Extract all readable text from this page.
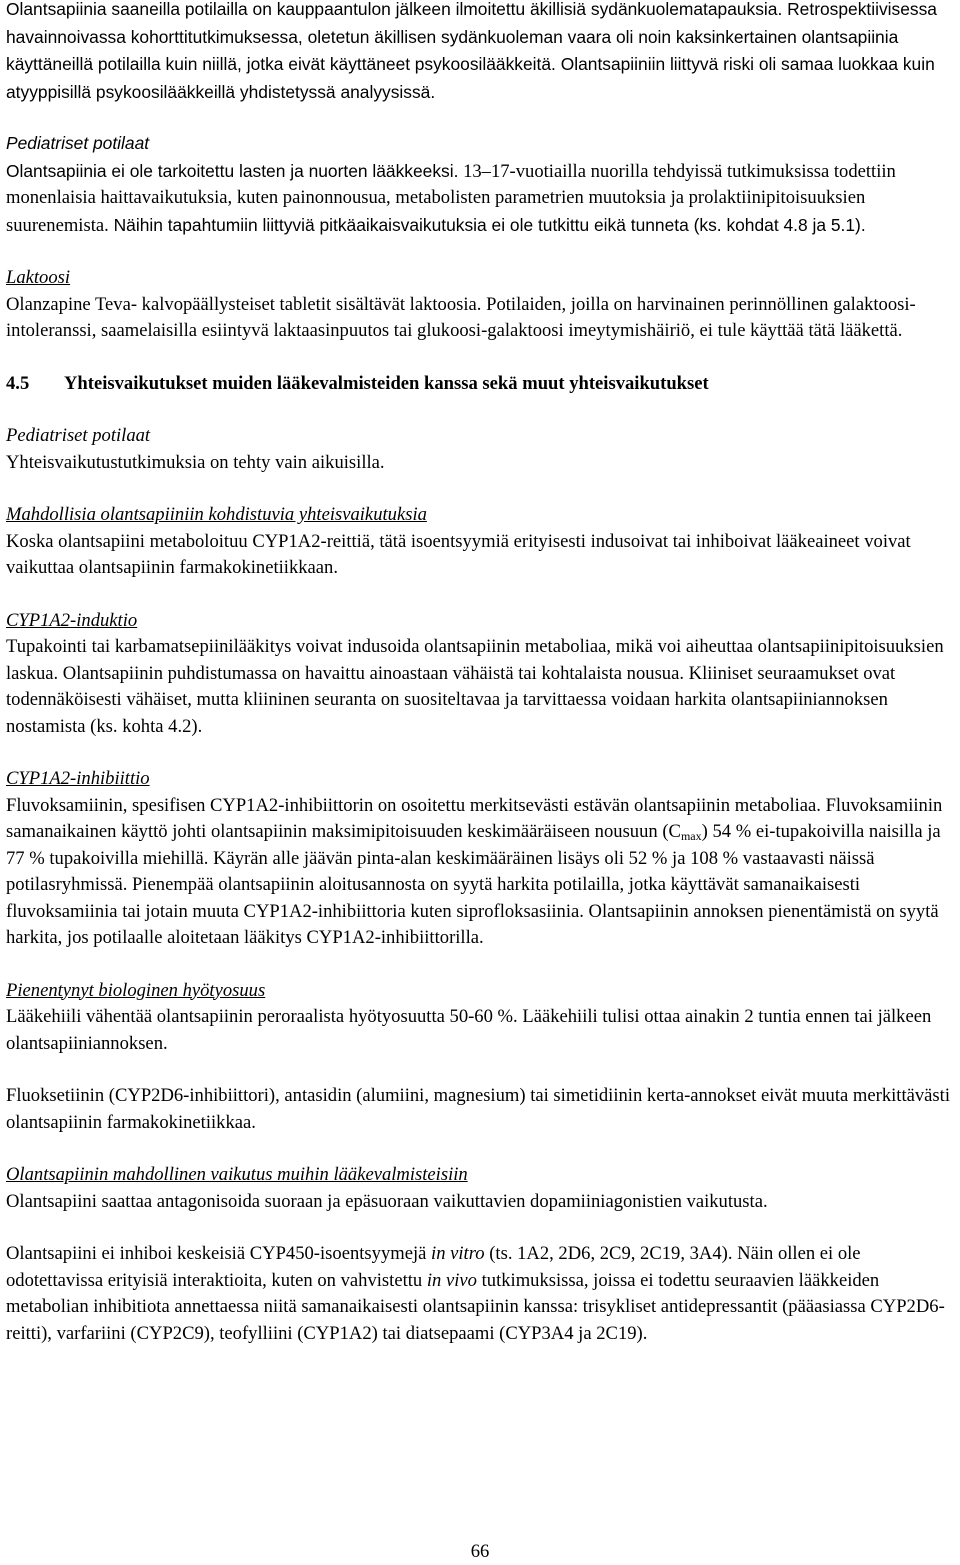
Olantsapiinia saaneilla potilailla on kauppaantulon jälkeen ilmoitettu äkillisiä sydänkuolematapauksia. Retrospektiivisessa havainnoivassa kohorttitutkimuksessa, oletetun äkillisen sydänkuoleman vaara oli noin kaksinkertainen olantsapiinia käyttäneillä potilailla kuin niillä, jotka eivät käyttäneet psykoosilääkkeitä. Olantsapiiniin liittyvä riski oli samaa luokkaa kuin atyyppisillä psykoosilääkkeillä yhdistetyssä analyysissä.

Pediatriset potilaat

Olantsapiinia ei ole tarkoitettu lasten ja nuorten lääkkeeksi. 13–17-vuotiailla nuorilla tehdyissä tutkimuksissa todettiin monenlaisia haittavaikutuksia, kuten painonnousua, metabolisten parametrien muutoksia ja prolaktiinipitoisuuksien suurenemista. Näihin tapahtumiin liittyviä pitkäaikaisvaikutuksia ei ole tutkittu eikä tunneta (ks. kohdat 4.8 ja 5.1).

Laktoosi

Olanzapine Teva- kalvopäällysteiset tabletit sisältävät laktoosia. Potilaiden, joilla on harvinainen perinnöllinen galaktoosi-intoleranssi, saamelaisilla esiintyvä laktaasinpuutos tai glukoosi-galaktoosi imeytymishäiriö, ei tule käyttää tätä lääkettä.

4.5 Yhteisvaikutukset muiden lääkevalmisteiden kanssa sekä muut yhteisvaikutukset

Pediatriset potilaat

Yhteisvaikutustutkimuksia on tehty vain aikuisilla.

Mahdollisia olantsapiiniin kohdistuvia yhteisvaikutuksia

Koska olantsapiini metaboloituu CYP1A2-reittiä, tätä isoentsyymiä erityisesti indusoivat tai inhiboivat lääkeaineet voivat vaikuttaa olantsapiinin farmakokinetiikkaan.

CYP1A2-induktio

Tupakointi tai karbamatsepiinilääkitys voivat indusoida olantsapiinin metaboliaa, mikä voi aiheuttaa olantsapiinipitoisuuksien laskua. Olantsapiinin puhdistumassa on havaittu ainoastaan vähäistä tai kohtalaista nousua. Kliiniset seuraamukset ovat todennäköisesti vähäiset, mutta kliininen seuranta on suositeltavaa ja tarvittaessa voidaan harkita olantsapiiniannoksen nostamista (ks. kohta 4.2).

CYP1A2-inhibiittio

Fluvoksamiinin, spesifisen CYP1A2-inhibiittorin on osoitettu merkitsevästi estävän olantsapiinin metaboliaa. Fluvoksamiinin samanaikainen käyttö johti olantsapiinin maksimipitoisuuden keskimääräiseen nousuun $(C_{max})$ 54 % ei-tupakoivilla naisilla ja 77 % tupakoivilla miehillä. Käyrän alle jäävän pinta-alan keskimääräinen lisäys oli 52 % ja 108 % vastaavasti näissä potilasryhmissä. Pienempää olantsapiinin aloitusannosta on syytä harkita potilailla, jotka käyttävät samanaikaisesti fluvoksamiinia tai jotain muuta CYP1A2-inhibiittoria kuten siprofloksasiinia. Olantsapiinin annoksen pienentämistä on syytä harkita, jos potilaalle aloitetaan lääkitys CYP1A2-inhibiittorilla.

Pienentynyt biologinen hyötyosuus

Lääkehiili vähentää olantsapiinin peroraalista hyötyosuutta 50-60 %. Lääkehiili tulisi ottaa ainakin 2 tuntia ennen tai jälkeen olantsapiiniannoksen.

Fluoksetiinin (CYP2D6-inhibiittori), antasidin (alumiini, magnesium) tai simetidiinin kerta-annokset eivät muuta merkittävästi olantsapiinin farmakokinetiikkaa.

Olantsapiinin mahdollinen vaikutus muihin lääkevalmisteisiin

Olantsapiini saattaa antagonisoida suoraan ja epäsuoraan vaikuttavien dopamiiniagonistien vaikutusta.

Olantsapiini ei inhiboi keskeisiä CYP450-isoentsyymejä in vitro (ts. 1A2, 2D6, 2C9, 2C19, 3A4). Näin ollen ei ole odotettavissa erityisiä interaktioita, kuten on vahvistettu in vivo tutkimuksissa, joissa ei todettu seuraavien lääkkeiden metabolian inhibitiota annettaessa niitä samanaikaisesti olantsapiinin kanssa: trisykliset antidepressantit (pääasiassa CYP2D6-reitti), varfariini (CYP2C9), teofylliini (CYP1A2) tai diatsepaami (CYP3A4 ja 2C19).

66
